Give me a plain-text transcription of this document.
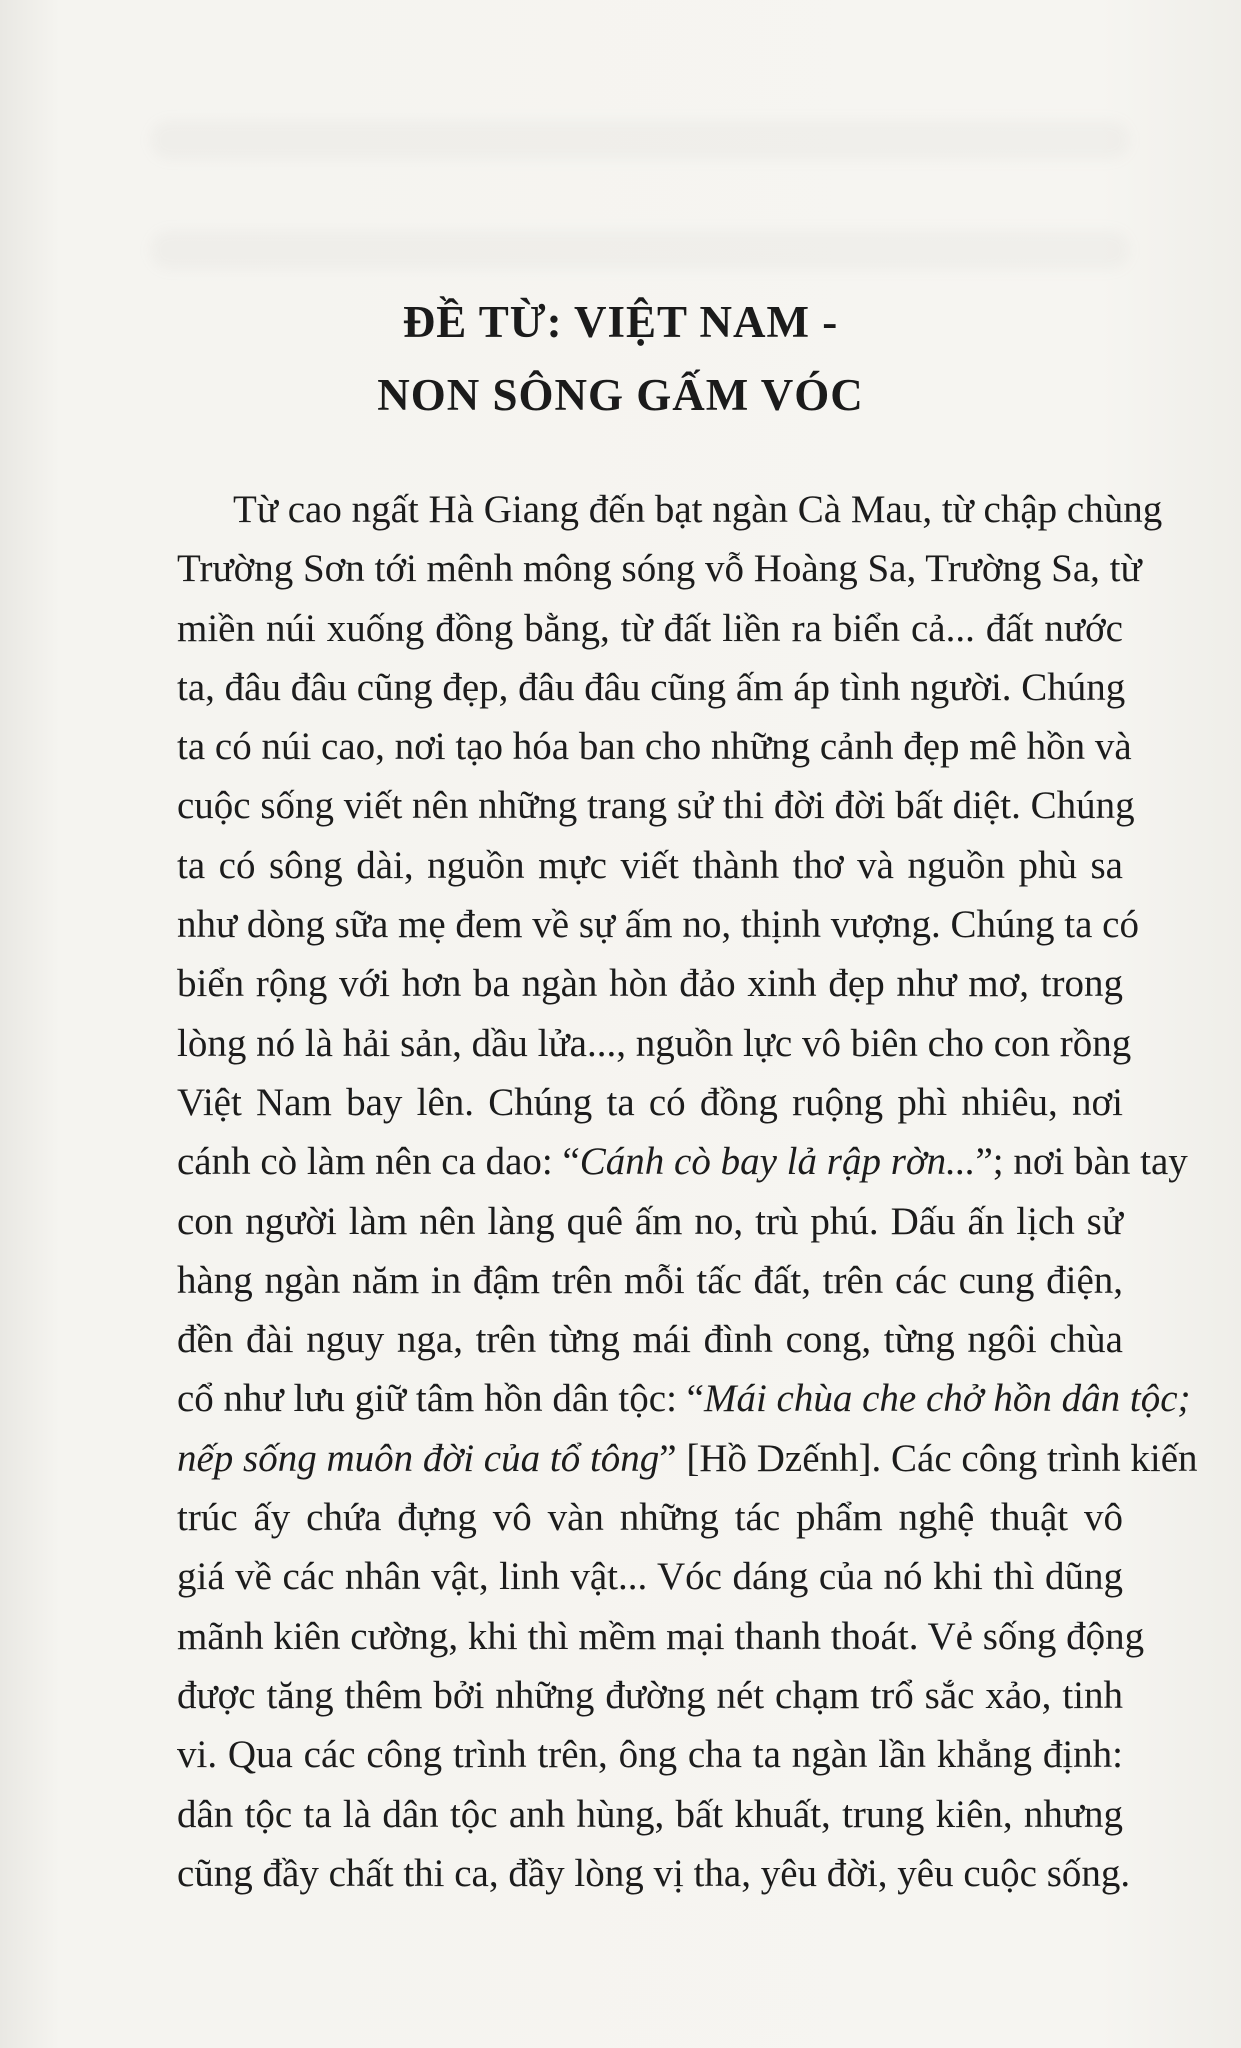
ĐỀ TỪ: VIỆT NAM -
NON SÔNG GẤM VÓC
Từ cao ngất Hà Giang đến bạt ngàn Cà Mau, từ chập chùng
Trường Sơn tới mênh mông sóng vỗ Hoàng Sa, Trường Sa, từ
miền núi xuống đồng bằng, từ đất liền ra biển cả... đất nước
ta, đâu đâu cũng đẹp, đâu đâu cũng ấm áp tình người. Chúng
ta có núi cao, nơi tạo hóa ban cho những cảnh đẹp mê hồn và
cuộc sống viết nên những trang sử thi đời đời bất diệt. Chúng
ta có sông dài, nguồn mực viết thành thơ và nguồn phù sa
như dòng sữa mẹ đem về sự ấm no, thịnh vượng. Chúng ta có
biển rộng với hơn ba ngàn hòn đảo xinh đẹp như mơ, trong
lòng nó là hải sản, dầu lửa..., nguồn lực vô biên cho con rồng
Việt Nam bay lên. Chúng ta có đồng ruộng phì nhiêu, nơi
cánh cò làm nên ca dao: “Cánh cò bay lả rập rờn...”; nơi bàn tay
con người làm nên làng quê ấm no, trù phú. Dấu ấn lịch sử
hàng ngàn năm in đậm trên mỗi tấc đất, trên các cung điện,
đền đài nguy nga, trên từng mái đình cong, từng ngôi chùa
cổ như lưu giữ tâm hồn dân tộc: “Mái chùa che chở hồn dân tộc;
nếp sống muôn đời của tổ tông” [Hồ Dzếnh]. Các công trình kiến
trúc ấy chứa đựng vô vàn những tác phẩm nghệ thuật vô
giá về các nhân vật, linh vật... Vóc dáng của nó khi thì dũng
mãnh kiên cường, khi thì mềm mại thanh thoát. Vẻ sống động
được tăng thêm bởi những đường nét chạm trổ sắc xảo, tinh
vi. Qua các công trình trên, ông cha ta ngàn lần khẳng định:
dân tộc ta là dân tộc anh hùng, bất khuất, trung kiên, nhưng
cũng đầy chất thi ca, đầy lòng vị tha, yêu đời, yêu cuộc sống.
